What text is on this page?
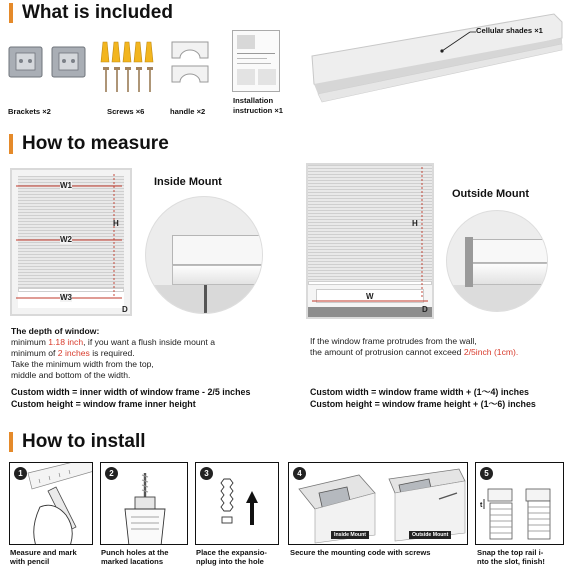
What is included
Brackets ×2	Screws ×6	handle ×2
Installation
instruction ×1
Cellular shades ×1
How to measure
W1
W2
W3
H
D
Inside Mount
W
H
D
Outside Mount
The depth of window:
minimum 1.18 inch, if you want a flush inside mount a
minimum of 2 inches is required.
Take the minimum width from the top,
middle and bottom of the width.
Custom width = inner width of window frame - 2/5 inches
Custom height = window frame inner height
If the window frame protrudes from the wall,
the amount of protrusion cannot exceed 2/5inch (1cm).
Custom width = window frame width + (1～4) inches
Custom height = window frame height + (1～6) inches
How to install
1
Measure and mark
with pencil
2
Punch holes at the
marked lacations
3
Place the expansio-
nplug into the hole
4
Inside Mount	Outside Mount
Secure the mounting code with screws
5
t
Snap the top rail i-
nto the slot, finish!
